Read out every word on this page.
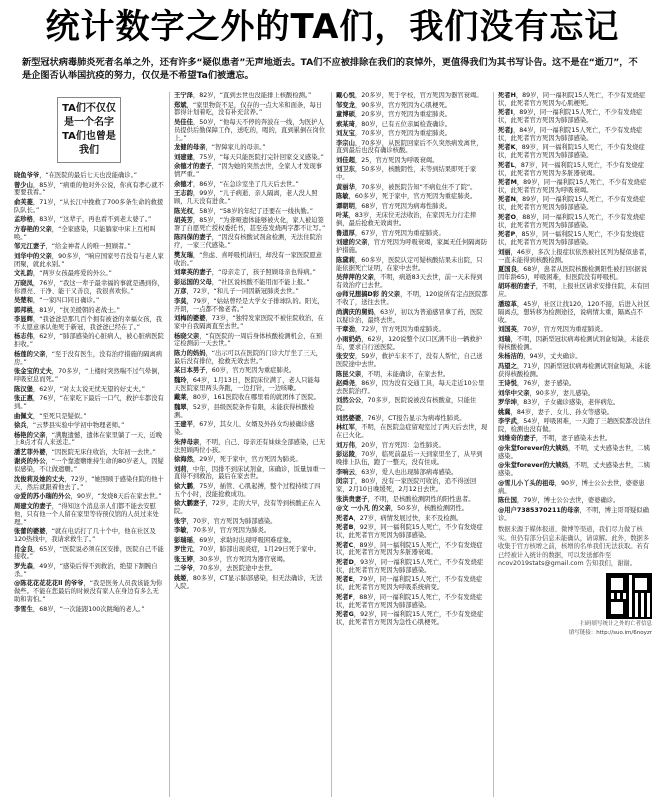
统计数字之外的TA们，我们没有忘记
新型冠状病毒肺炎死者名单之外，还有许多“疑似患者”无声地逝去。TA们不应被排除在我们的哀悼外，更值得我们为其书写讣告。这不是在“逝刀”，不是企图否认举国抗疫的努力，仅仅是不希望Ta们被遗忘。
TA们不仅仅
是一个名字
TA们也曾是
我们
晓鱼爷爷，“在医院的最后七天也没能确诊。”
曾少山，85岁，“病重的他对外公说，你真有孝心就不要要我看。”
俞芙菱，71岁，“从长江中挽救了700多条生命的救援队队长。”
孟珍格，83岁，“这辈子，再也看不到老太婆了。”
方春艳的父亲，“全家感染，只能躺家中床上互相叫唤。”
邹元江妻子，“给金神者人的唯一照顾者。”
刘华中的父亲，90多岁，“响应国家号召没有与老人家团聚，就此永别。”
文礼韵，“两岁女孩最疼爱的外公。”
万晓凤，76岁，“我这一辈子最幸福的事就是遇到你，你漂亮、干净、能干又善良，我很喜欢你。”
吴楚和，“一家四口同日确诊。”
郭邦桃，81岁，“抗美援朝的老战士。”
李显辉，“我爸爸是那几百个拥有被爸的幸福女孩，我不太愿意承认他死于新冠，我爸爸已经在了。”
杨志伟，62岁，“肺部感染的心脏病人，被心脏病医院拒收。”
杨莲的父亲，“至于没有医生，没有治疗措施的隔离病房。”
张金宝的丈夫，70多岁，“上楼时突然喘不过气晕倒，呼吸窒息而死。”
陈汉堡，62岁，“对太太说无忧无望的好丈夫。”
张正惠，76岁，“在家吃下最后一口气，救护车都没有到。”
曲佩文，“至死只是疑似。”
徐兵，“云梦县实验中学初中物理老师。”
杨艳的父亲，“满腹遗憾，遗体在家里躺了一天，近晚上8点才有人来送走。”
潘艺菲外婆，“因医院无床住收治，大年初一去世。”
谢炎的外公，“一个靠遗赡维持生命的80岁老人，因疑似感染，不让做遗赡。”
沈俊莉及她的丈夫，72岁，“她照顾于感染住院的他十天，然后就跟着他去了。”
@爱的苏小瑞的外公，90岁，“发烧8天后在家去世。”
周建文的妻子，“得知这个消息亲人们都不能去安慰他，只有他一个人留在家里等待预仪馆的人员过来处理。”
张蕾的婆婆，“就在电话打了几十个中，他在社区及120热线中，我请求救生了。”
肖金良，65岁，“医院说必须在区安排，医院自己不能接收。”
罗先森，49岁，“感染后得不到救治，绝望下割腕自杀。”
@陈花花花花花ll 的爷爷，“我是医务人员我该能为你做些。不能在您最后的时候没有家人在身边有多么无助和害怕。”
李雪生，68岁，“一次能跟100次跳绳的老人。”
王宁泽，82岁，“直到去世也没能排上核酸检测。”
郑斌，“家里物资不足，仅存的一点大米和面条，每日都得计划着吃，没有补充营养。”
吴佳佳，50岁，“他每天不停的奔波在一线，为医护人员提供后勤保障工作，送吃的，喝的，直到累倒在岗位上。”
龙健的母亲，“智障家儿的母亲。”
刘建建，75岁，“每天只能医院打完针回家交叉感染。”
余德才的妻子，“因为她的突然去世，全家人才发现事情严重。”
余德才，86岁，“在急诊室坐了几天后去世。”
王志韵，99岁，“儿子病逝、亲人隔离，老人没人照顾，几天没有进食。”
陈光权，58岁，“58岁的年纪了还要在一线执勤。”
胡英芳，85岁，“为聋哑遗体能够被火化，家人被迫签署了自愿死亡授权委托书，甚至连发烧两字都不让写。”
陈四保的妻子，“因没有核酸试剂盒检测，无法住院治疗，一家三代感染。”
樊友瑞，“焦虑、喜呼吸机请归，却没有一家医院愿意收治。”
刘章英的妻子，“母亲走了，孩子照顾母亲也得病。”
彭运国的父母，“社区说核酸不能用而不能上报。”
万彦，72岁，“和儿子一同因新冠肺炎去世。”
李莫，79岁，“姑姑曾经是大学女子排球队的。阳光，开朗，一点都不像老者。”
刘梅的婆婆，73岁，“独特发家医院不被住院收治，在家中自我隔离直至去世。”
杨晓父亲，“有医院的一周后身体核酸检测机会，在预定检测前一天去世。”
陈力的妈妈，“出示可以在医院的门诊大厅坐了三天，最后没有排位，抢救无效去世。”
某日本男子，60岁，官方死因为重症肺炎。
魏玲，64岁，1月13日，医院床位满了，老人只能每天医院家里两头奔跑，一边打针，一边咳嗽。
戴莱，80岁，161医院收在哪里看的就团体了医院。
魏翠，52岁，县级医院条件有限，未能获得核酸检测。
王建平，67岁，其女儿、女婿及外孙女均被确诊感染。
朱萍母亲，不明，自己、母亲还有妹妹全部感染，已无法照顾两位小孩。
徐海然，29岁，死于家中，官方死因为肺炎。
刘莉，中年，因排不到床试剂盒，床确诊，饭量加重一直得不到救治，最后在家去世。
徐大鹏，75岁，插管、心肌起搏，整个过程持续了四五个小时，没能抢救成功。
徐大鹏妻子，72岁，走的大早，没有等到核酸正在入院。
张宇，70岁，官方死因为肺部感染。
李敏，70多岁，官方死因为肺炎。
彭瑞瑶，69岁，求助时出现呼吸困难症象。
罗世元，70岁，肺部出现炎症，1月29日死于家中。
张玉婷，30多岁，官方死因为器官衰竭。
二爷爷，70多岁，去医院途中去世。
姚姬，80多岁，CT显示肺部感染，但无法确诊，无法入院。
戴心悦，20多岁，死于学校，官方死因为器官衰竭。
邹变龙，90多岁，官方死因为心肌梗死。
童博硕，20多岁，官方死因为重症肺炎。
索某琦，80岁，已有五位亲属检查确诊。
刘友宝，70多岁，官方死因为重症肺炎。
李宗山，70多岁，从医院回家后不久突然病发离世，直到最后也没有确诊核酸。
刘佳超，25，官方死因为呼吸衰竭。
刘卫东，50多岁，核酸阴性，未等到结果即死于家中。
黄丽华，70多岁，被医院告知“不病危住不了院”。
陈敏，60多岁，死于家中，官方死因为重症肺炎。
谭朝明，68岁，官方死因为病毒性肺炎。
叶某，83岁，无床位无法收治，在家因无力行走摔倒，最后抢救无效离世。
鲁道厚，67岁，官方死因为重症肺炎。
刘建的父亲，官方死因为呼吸衰竭，家属无任何隔离防护措施。
陈黛莉，60多岁，医院认定可疑核酸结果未出院，只能依据死亡证明，在家中去世。
吴萍萍的父亲，不明，病逝83天去世，前一天未得到有效治疗已去世。
@师兄想搞D彩 的父亲，不明，120说所有定点医院都不收了，送往去世。
尚满庆的舅妈，63岁，初以为普通感冒拿了药，医院以疑诊治，最终去世。
干章劲，72岁，官方死因为重症肺炎。
小雨奶奶，62岁，120说整个汉口区满不出一辆救护车，要求自行送医院。
张安安，59岁，救护车来不了，没有人帮忙，自己送医院途中去世。
陈昆父亲，不明，未能确诊，在家去世。
赵舜尧，86岁，因为没有交通工具，每天走近10公里去医院治疗。
刘然公公，70多岁，医院说被没有核酸盒，只能住院。
刘然婆婆，76岁，CT报告显示为病毒性肺炎。
林红军，不明，在医院急症留观室过了两天后去世，现在已火化。
刘万伟，20岁，官方死因：急性肺炎。
彭运陵，70岁，临死前最后一天到家里坐了，从早到晚排上队伍，跑了一整天，没有住成。
李响云，63岁，爱人也出现肺部病毒感染。
闵宗丁，80岁，没有一家医院可收治，追不得送回家，2月10日晚缓死，2月12日去世。
张洪贵妻子，不明，是核酸检测阴性的阳性患者。
@文 一小凡 的父亲，50多岁，核酸检测阴性。
死者A，27岁，病情发展过快，来不及检测。
死者B，92岁，同一福利院15人死亡，不少有发烧症状，此死者官方死因为肺部感染。
死者C，89岁，同一福利院15人死亡，不少有发烧症状，此死者官方死因为多脏器衰竭。
死者D，93岁，同一福利院15人死亡，不少有发烧症状，此死者官方死因为肺部感染。
死者E，79岁，同一福利院15人死亡，不少有发烧症状，此死者官方死因为呼吸系统病变。
死者F，88岁，同一福利院15人死亡，不少有发烧症状，此死者官方死因为肺部感染。
死者G，92岁，同一福利院15人死亡，不少有发烧症状，此死者官方死因为急性心肌梗死。
死者H，89岁，同一福利院15人死亡，不少有发烧症状，此死者官方死因为心肌梗死。
死者I，89岁，同一福利院15人死亡，不少有发烧症状，此死者官方死因为肺部感染。
死者J，84岁，同一福利院15人死亡，不少有发烧症状，此死者官方死因为肺部感染。
死者K，89岁，同一福利院15人死亡，不少有发烧症状，此死者官方死因为肺部感染。
死者L，87岁，同一福利院15人死亡，不少有发烧症状，此死者官方死因为多脏器衰竭。
死者M，89岁，同一福利院15人死亡，不少有发烧症状，此死者官方死因为呼吸衰竭。
死者N，89岁，同一福利院15人死亡，不少有发烧症状，此死者官方死因为肺部感染。
死者O，88岁，同一福利院15人死亡，不少有发烧症状，此死者官方死因为肺部感染。
死者P，85岁，同一福利院15人死亡，不少有发烧症状，此死者官方死因为肺部感染。
刘丽，46岁，多次上报症状依然被社区列为疑似患者，一直未能得到核酸检测。
夏国良，68岁，患者从医院核酸检测阳性被打回(据说因年龄65)，呼吸困难，但医院没有呼吸机。
胡环根的妻子，不明，上报社区请求安排住院，未有回应。
潘琼革，45岁，社区让找120，120不接，后进入社区隔离点，想转移为检测途径，说病情太重，隔离点不收。
刘国英，70岁，官方死因为重症肺炎。
刘瑞，不明，因新型冠状病毒检测试剂盒短缺，未能获得核酸检测。
朱杨洁的，94岁，丈夫确诊。
冯望之，71岁，因新型冠状病毒检测试剂盒短缺，未能获得核酸检测。
王诗悦，76岁，妻子感染。
刘华中父亲，90多岁，妻儿感染。
罗华坤，83岁，子女确诊感染，老伴病危。
姚冀，84岁，妻子、女儿、孙女等感染。
李学武，54岁，呼吸困难，一天跑了三趟医院都没法住院，检测也没有做。
刘维奇的妻子，不明，妻子感染未去世。
@朱堂forever的大姨妈，不明，丈夫感染去世，二姨感染。
@朱堂forever的大姨妈，不明，丈夫感染去世，二姨感染。
@雪儿小丫头的祖母，90岁，博士公公去世，婆婆患病。
陈仕国，79岁，博士公公去世，婆婆确诊。
@用户7385370211的母亲，不明，博主哥哥疑似确诊。
数据来源于媒体报道、微博等渠道，我们尽力做了核实。但仍有部分信息未能确认，请谅解。此外，数据多收集于官方核增之前，核增的名单我们无法获取。若有已经被计入统计的数据，可以发送邮件至 ncov2019stats@gmail.com 告知我们，谢谢。
扫码填写统计之外的亡者信息
填写链接：http://suo.im/6noyzr
